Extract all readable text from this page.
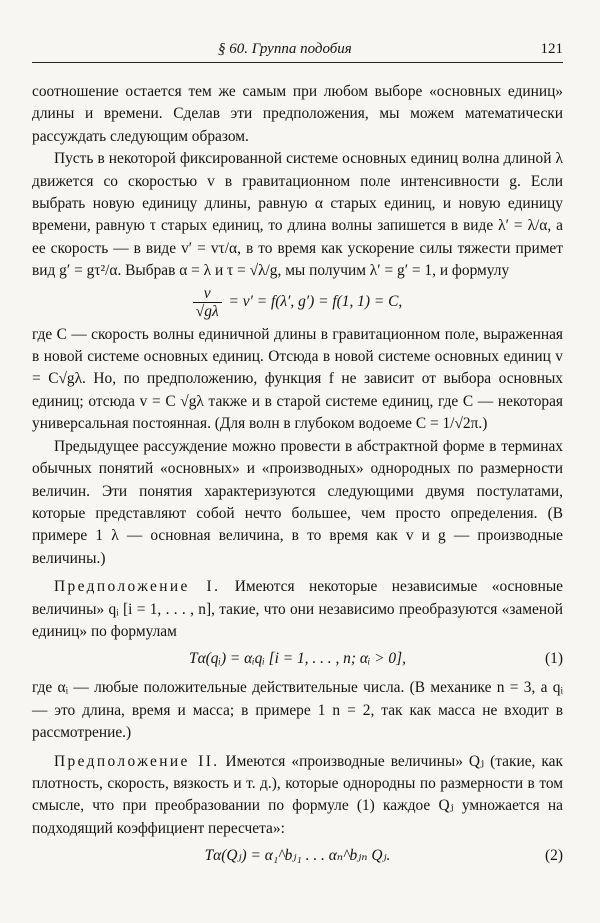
§ 60. Группа подобия	121

соотношение остается тем же самым при любом выборе «основных единиц» длины и времени. Сделав эти предположения, мы можем математически рассуждать следующим образом.

Пусть в некоторой фиксированной системе основных единиц волна длиной λ движется со скоростью v в гравитационном поле интенсивности g. Если выбрать новую единицу длины, равную α старых единиц, и новую единицу времени, равную τ старых единиц, то длина волны запишется в виде λ′ = λ/α, а ее скорость — в виде v′ = vτ/α, в то время как ускорение силы тяжести примет вид g′ = gτ²/α. Выбрав α = λ и τ = √λ/g, мы получим λ′ = g′ = 1, и формулу

$\frac{v}{√g\lambda} = v' = f(\lambda'$, g′) = f(1, 1) = C,

где C — скорость волны единичной длины в гравитационном поле, выраженная в новой системе основных единиц. Отсюда в новой системе основных единиц v = C√gλ. Но, по предположению, функция f не зависит от выбора основных единиц; отсюда v = C √gλ также и в старой системе единиц, где C — некоторая универсальная постоянная. (Для волн в глубоком водоеме C = 1/√2π.)

Предыдущее рассуждение можно провести в абстрактной форме в терминах обычных понятий «основных» и «производных» однородных по размерности величин. Эти понятия характеризуются следующими двумя постулатами, которые представляют собой нечто большее, чем просто определения. (В примере 1 λ — основная величина, в то время как v и g — производные величины.)

Предположение I. Имеются некоторые независимые «основные величины» qᵢ [i = 1, . . . , n], такие, что они независимо преобразуются «заменой единиц» по формулам

Tα(qᵢ) = αᵢqᵢ [i = 1, . . . , n; αᵢ > 0],	(1)

где αᵢ — любые положительные действительные числа. (В механике n = 3, а qᵢ — это длина, время и масса; в примере 1 n = 2, так как масса не входит в рассмотрение.)

Предположение II. Имеются «производные величины» Qⱼ (такие, как плотность, скорость, вязкость и т. д.), которые однородны по размерности в том смысле, что при преобразовании по формуле (1) каждое Qⱼ умножается на подходящий коэффициент пересчета»:

Tα(Qⱼ) = α₁^bⱼ₁ . . . αₙ^bⱼₙ Qⱼ.	(2)
